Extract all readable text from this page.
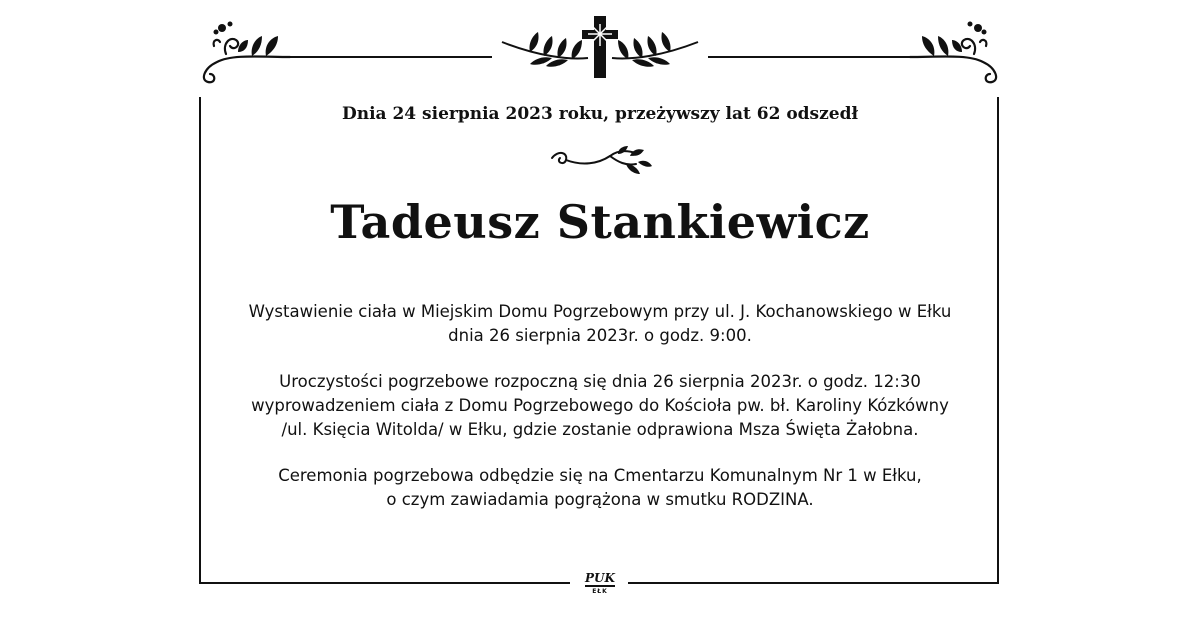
Dnia 24 sierpnia 2023 roku, przeżywszy lat 62 odszedł
Tadeusz Stankiewicz

Wystawienie ciała w Miejskim Domu Pogrzebowym przy ul. J. Kochanowskiego w Ełku
dnia 26 sierpnia 2023r. o godz. 9:00.

Uroczystości pogrzebowe rozpoczną się dnia 26 sierpnia 2023r. o godz. 12:30
wyprowadzeniem ciała z Domu Pogrzebowego do Kościoła pw. bł. Karoliny Kózkówny
/ul. Księcia Witolda/ w Ełku, gdzie zostanie odprawiona Msza Święta Żałobna.

Ceremonia pogrzebowa odbędzie się na Cmentarzu Komunalnym Nr 1 w Ełku,
o czym zawiadamia pogrążona w smutku RODZINA.

PUK
EŁK
